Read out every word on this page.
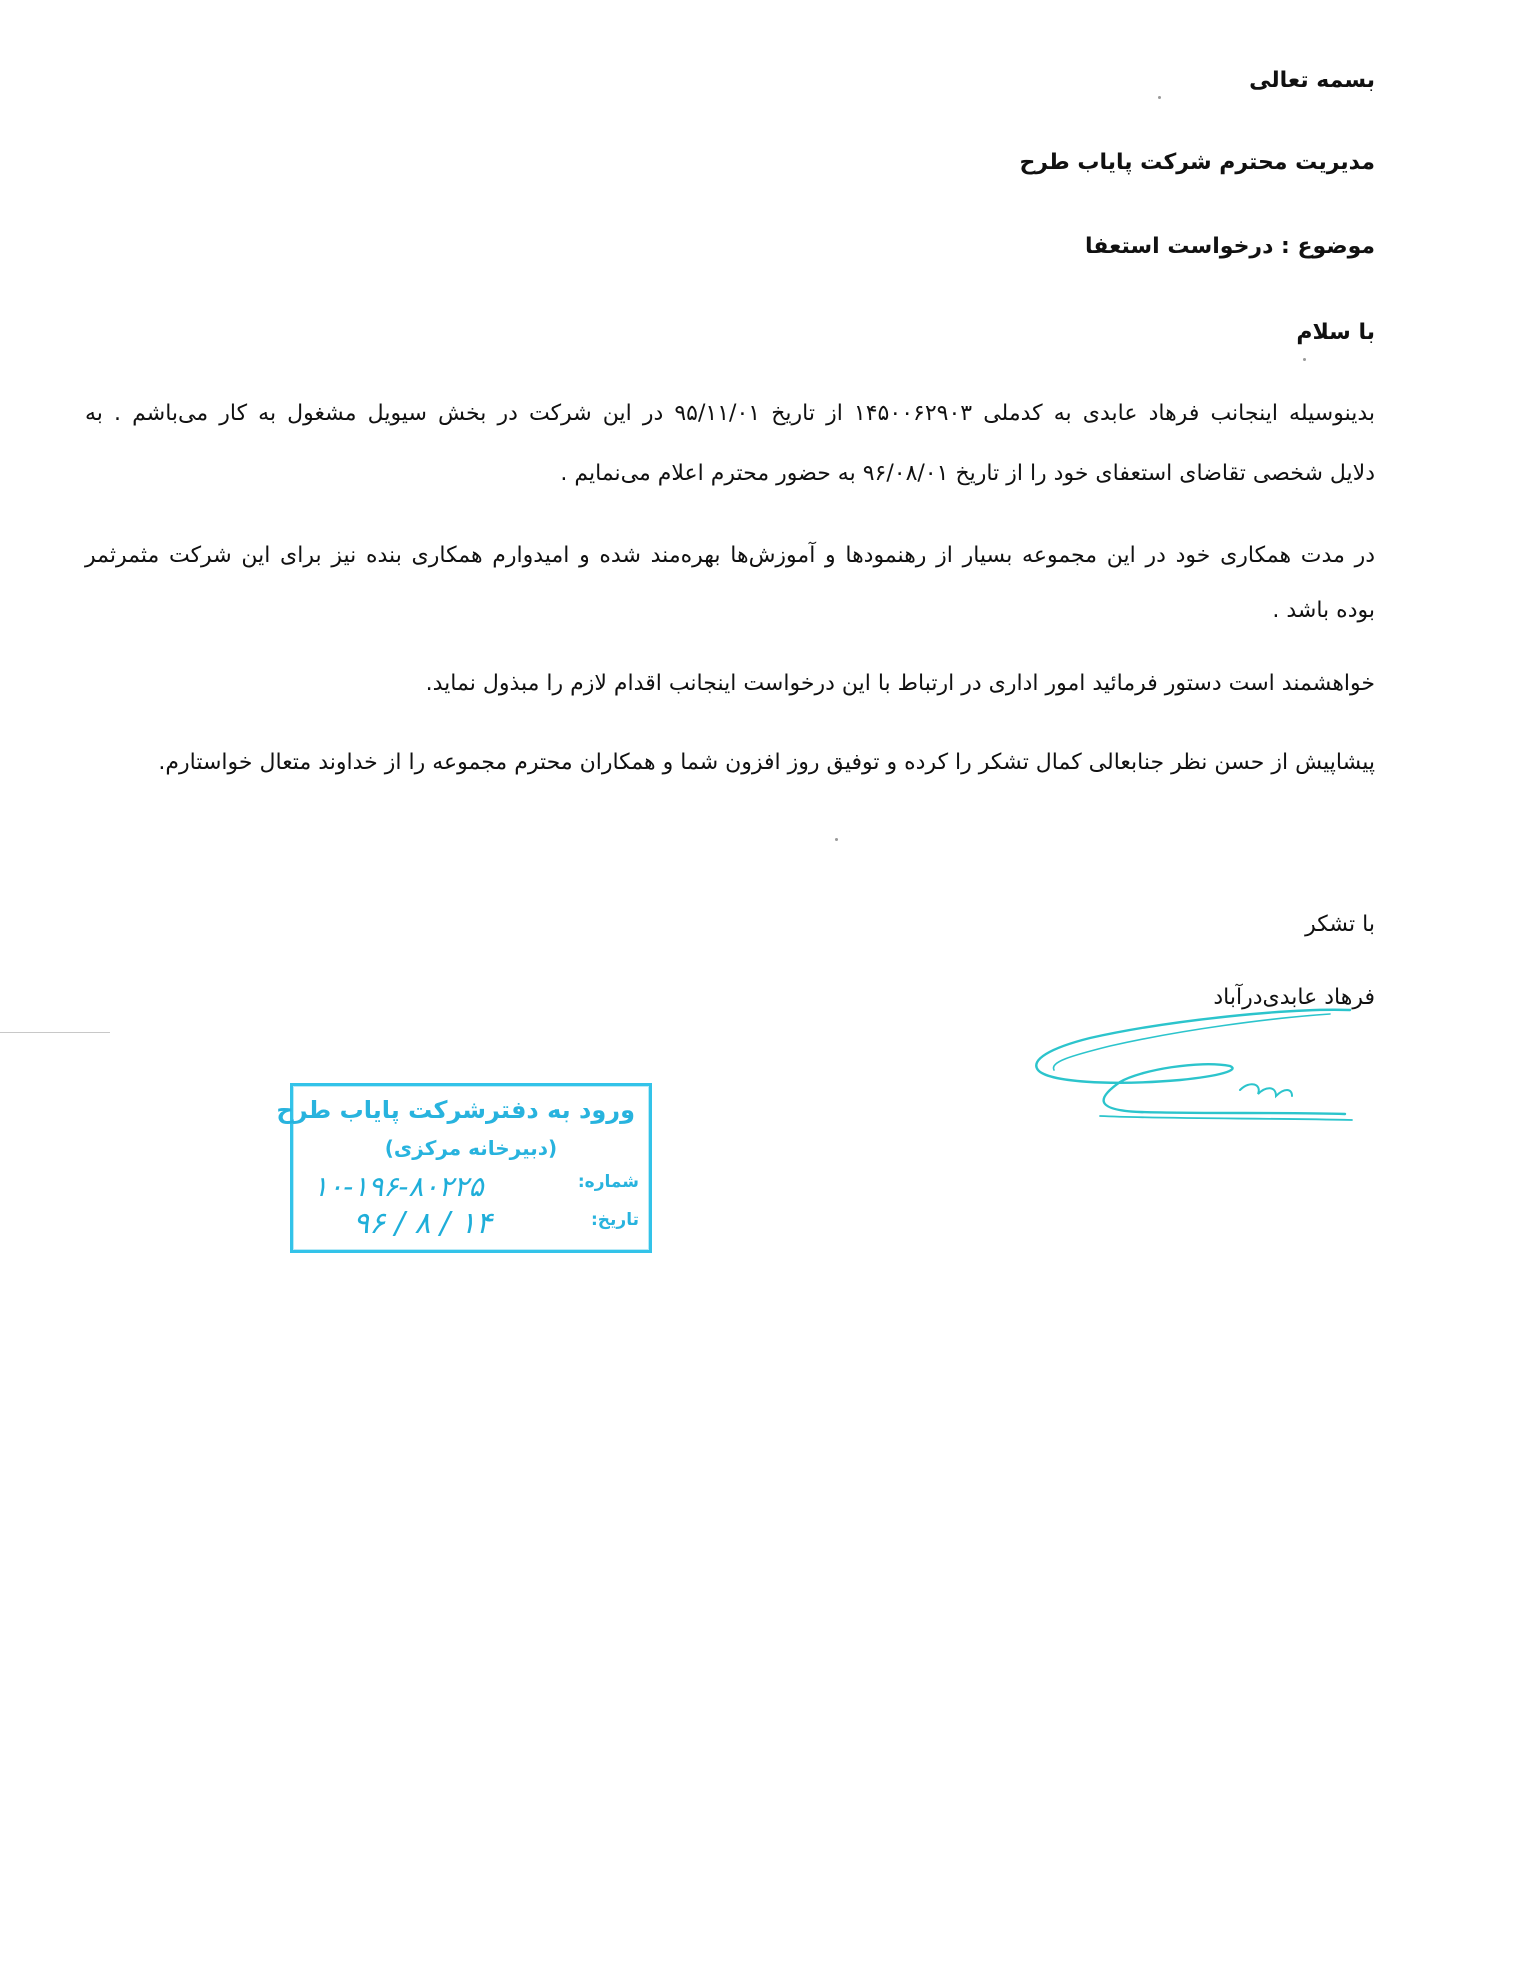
بسمه تعالی
مدیریت محترم شرکت پایاب طرح
موضوع : درخواست استعفا
با سلام
بدینوسیله اینجانب فرهاد عابدی به کدملی ۱۴۵۰۰۶۲۹۰۳ از تاریخ ۹۵/۱۱/۰۱ در این شرکت در بخش سیویل مشغول به کار می‌باشم . به
دلایل شخصی تقاضای استعفای خود را از تاریخ ۹۶/۰۸/۰۱ به حضور محترم اعلام می‌نمایم .
در مدت همکاری خود در این مجموعه بسیار از رهنمودها و آموزش‌ها بهره‌مند شده و امیدوارم همکاری بنده نیز برای این شرکت مثمرثمر
بوده باشد .
خواهشمند است دستور فرمائید امور اداری در ارتباط با این درخواست اینجانب اقدام لازم را مبذول نماید.
پیشاپیش از حسن نظر جنابعالی کمال تشکر را کرده و توفیق روز افزون شما و همکاران محترم مجموعه را از خداوند متعال خواستارم.
با تشکر
فرهاد عابدی‌درآباد
ورود به دفترشرکت پایاب طرح
(دبیرخانه مرکزی)
شماره:
۱۰-۱۹۶-۸۰۲۲۵
تاریخ:
۹۶ / ۸ / ۱۴
